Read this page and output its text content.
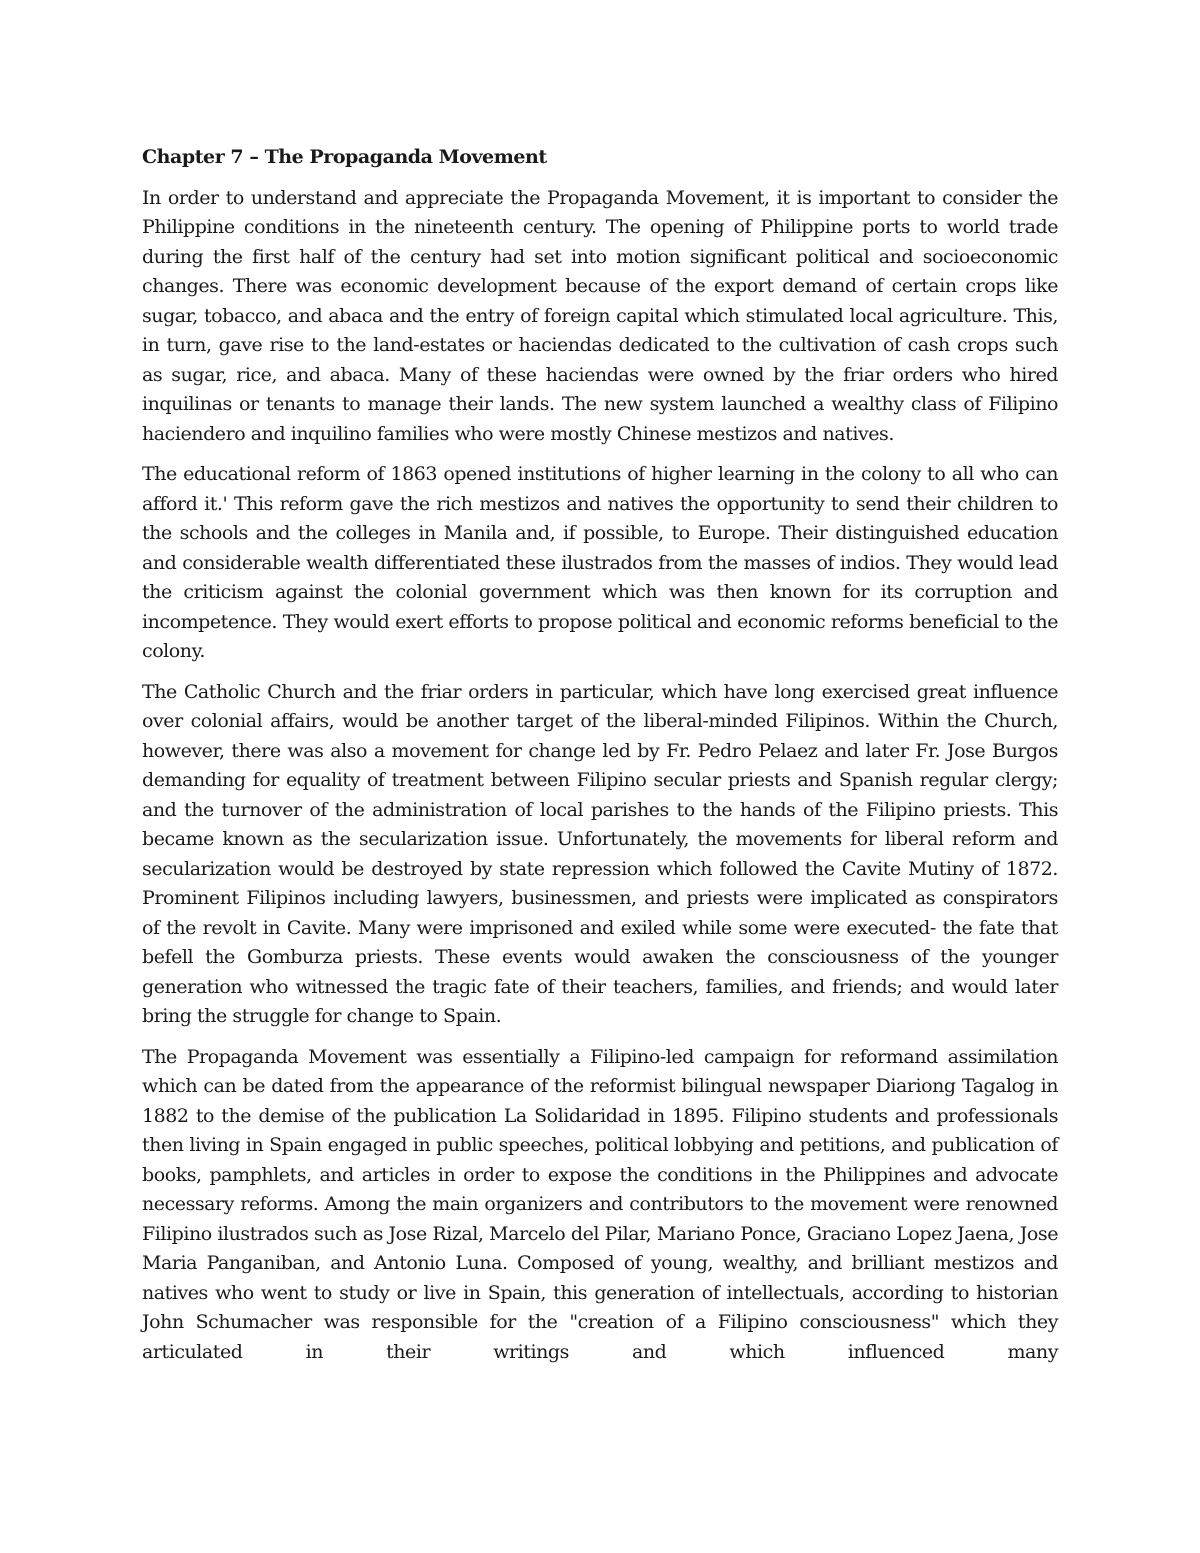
Chapter 7 – The Propaganda Movement

In order to understand and appreciate the Propaganda Movement, it is important to consider the Philippine conditions in the nineteenth century. The opening of Philippine ports to world trade during the first half of the century had set into motion significant political and socioeconomic changes. There was economic development because of the export demand of certain crops like sugar, tobacco, and abaca and the entry of foreign capital which stimulated local agriculture. This, in turn, gave rise to the land-estates or haciendas dedicated to the cultivation of cash crops such as sugar, rice, and abaca. Many of these haciendas were owned by the friar orders who hired inquilinas or tenants to manage their lands. The new system launched a wealthy class of Filipino haciendero and inquilino families who were mostly Chinese mestizos and natives.

The educational reform of 1863 opened institutions of higher learning in the colony to all who can afford it.' This reform gave the rich mestizos and natives the opportunity to send their children to the schools and the colleges in Manila and, if possible, to Europe. Their distinguished education and considerable wealth differentiated these ilustrados from the masses of indios. They would lead the criticism against the colonial government which was then known for its corruption and incompetence. They would exert efforts to propose political and economic reforms beneficial to the colony.

The Catholic Church and the friar orders in particular, which have long exercised great influence over colonial affairs, would be another target of the liberal-minded Filipinos. Within the Church, however, there was also a movement for change led by Fr. Pedro Pelaez and later Fr. Jose Burgos demanding for equality of treatment between Filipino secular priests and Spanish regular clergy; and the turnover of the administration of local parishes to the hands of the Filipino priests. This became known as the secularization issue. Unfortunately, the movements for liberal reform and secularization would be destroyed by state repression which followed the Cavite Mutiny of 1872. Prominent Filipinos including lawyers, businessmen, and priests were implicated as conspirators of the revolt in Cavite. Many were imprisoned and exiled while some were executed- the fate that befell the Gomburza priests. These events would awaken the consciousness of the younger generation who witnessed the tragic fate of their teachers, families, and friends; and would later bring the struggle for change to Spain.

The Propaganda Movement was essentially a Filipino-led campaign for reformand assimilation which can be dated from the appearance of the reformist bilingual newspaper Diariong Tagalog in 1882 to the demise of the publication La Solidaridad in 1895. Filipino students and professionals then living in Spain engaged in public speeches, political lobbying and petitions, and publication of books, pamphlets, and articles in order to expose the conditions in the Philippines and advocate necessary reforms. Among the main organizers and contributors to the movement were renowned Filipino ilustrados such as Jose Rizal, Marcelo del Pilar, Mariano Ponce, Graciano Lopez Jaena, Jose Maria Panganiban, and Antonio Luna. Composed of young, wealthy, and brilliant mestizos and natives who went to study or live in Spain, this generation of intellectuals, according to historian John Schumacher was responsible for the "creation of a Filipino consciousness" which they articulated in their writings and which influenced many
